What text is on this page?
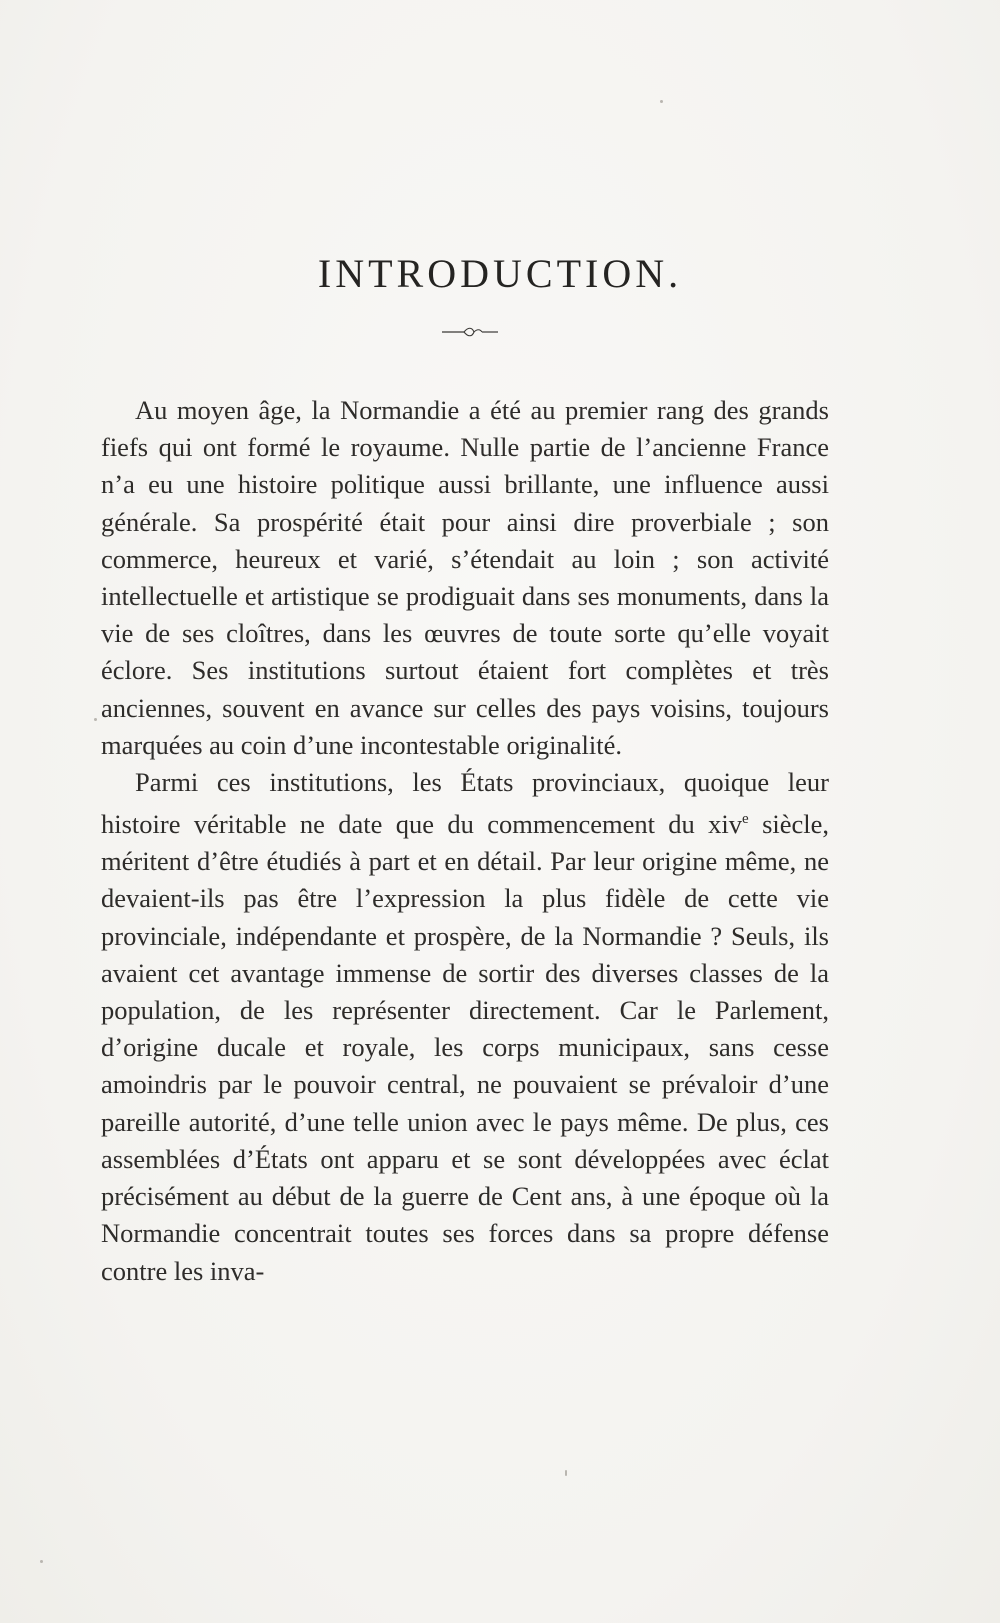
INTRODUCTION.

Au moyen âge, la Normandie a été au premier rang des grands fiefs qui ont formé le royaume. Nulle partie de l’ancienne France n’a eu une histoire politique aussi brillante, une influence aussi générale. Sa prospérité était pour ainsi dire proverbiale ; son commerce, heureux et varié, s’étendait au loin ; son activité intellectuelle et artistique se prodiguait dans ses monuments, dans la vie de ses cloîtres, dans les œuvres de toute sorte qu’elle voyait éclore. Ses institutions surtout étaient fort complètes et très anciennes, souvent en avance sur celles des pays voisins, toujours marquées au coin d’une incontestable originalité.

Parmi ces institutions, les États provinciaux, quoique leur histoire véritable ne date que du commencement du xiv$^e$ siècle, méritent d’être étudiés à part et en détail. Par leur origine même, ne devaient-ils pas être l’expression la plus fidèle de cette vie provinciale, indépendante et prospère, de la Normandie ? Seuls, ils avaient cet avantage immense de sortir des diverses classes de la population, de les représenter directement. Car le Parlement, d’origine ducale et royale, les corps municipaux, sans cesse amoindris par le pouvoir central, ne pouvaient se prévaloir d’une pareille autorité, d’une telle union avec le pays même. De plus, ces assemblées d’États ont apparu et se sont développées avec éclat précisément au début de la guerre de Cent ans, à une époque où la Normandie concentrait toutes ses forces dans sa propre défense contre les inva-
